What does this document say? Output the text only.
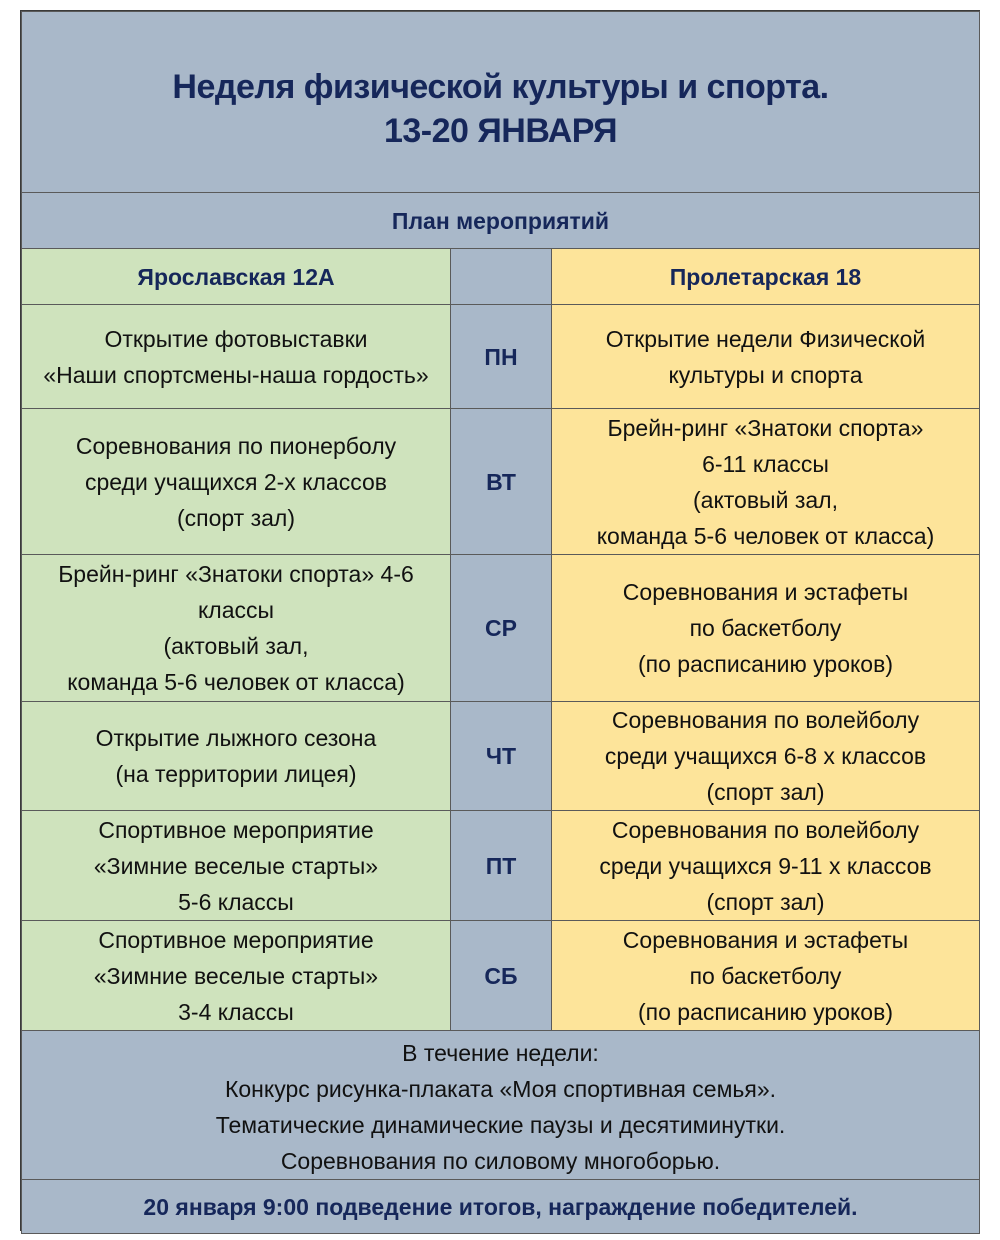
Неделя физической культуры и спорта.
13-20 ЯНВАРЯ		

План мероприятий		
Ярославская 12А		Пролетарская 18

Открытие фотовыставки
«Наши спортсмены-наша гордость»	ПН	Открытие недели Физической
культуры и спорта

Соревнования по пионерболу
среди учащихся 2-х классов
(спорт зал)	ВТ	Брейн-ринг «Знатоки спорта»
6-11 классы
(актовый зал,
команда 5-6 человек от класса)

Брейн-ринг «Знатоки спорта» 4-6
классы
(актовый зал,
команда 5-6 человек от класса)	СР	Соревнования и эстафеты
по баскетболу
(по расписанию уроков)

Открытие лыжного сезона
(на территории лицея)	ЧТ	Соревнования по волейболу
среди учащихся 6-8 х классов
(спорт зал)

Спортивное мероприятие
«Зимние веселые старты»
5-6 классы	ПТ	Соревнования по волейболу
среди учащихся 9-11 х классов
(спорт зал)

Спортивное мероприятие
«Зимние веселые старты»
3-4 классы	СБ	Соревнования и эстафеты
по баскетболу
(по расписанию уроков)

В течение недели:
Конкурс рисунка-плаката «Моя спортивная семья».
Тематические динамические паузы и десятиминутки.
Соревнования по силовому многоборью.		

20 января 9:00 подведение итогов, награждение победителей.		
